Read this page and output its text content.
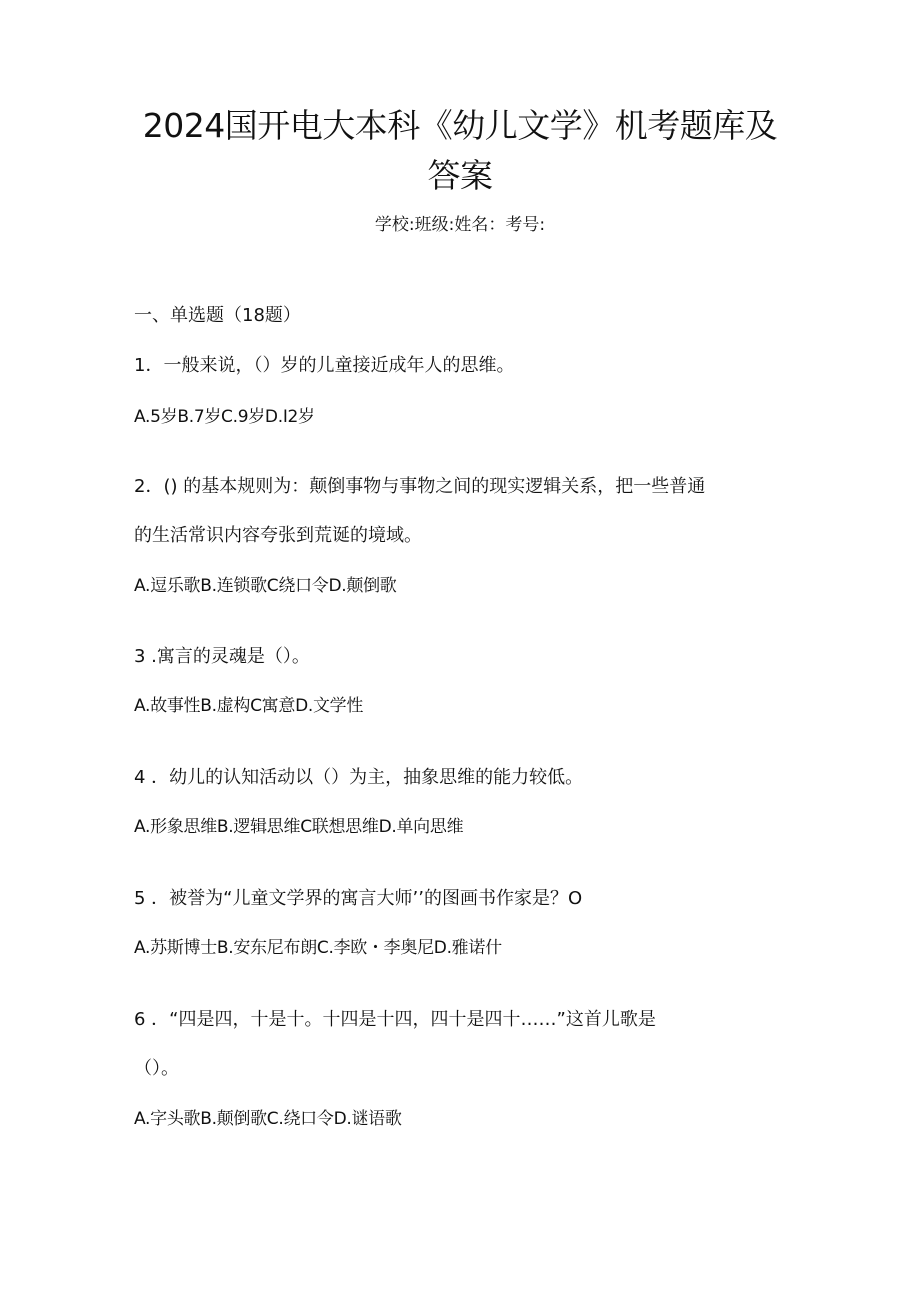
2024国开电大本科《幼儿文学》机考题库及
答案
学校:班级:姓名：考号:
一、单选题（18题）
1．一般来说，（）岁的儿童接近成年人的思维。
A.5岁B.7岁C.9岁D.I2岁
2．() 的基本规则为：颠倒事物与事物之间的现实逻辑关系，把一些普通
的生活常识内容夸张到荒诞的境域。
A.逗乐歌B.连锁歌C绕口令D.颠倒歌
3 .寓言的灵魂是（）。
A.故事性B.虚构C寓意D.文学性
4 ．幼儿的认知活动以（）为主，抽象思维的能力较低。
A.形象思维B.逻辑思维C联想思维D.单向思维
5 ．被誉为“儿童文学界的寓言大师’’的图画书作家是？O
A.苏斯博士B.安东尼布朗C.李欧・李奥尼D.雅诺什
6 ．“四是四，十是十。十四是十四，四十是四十……”这首儿歌是
（）。
A.字头歌B.颠倒歌C.绕口令D.谜语歌
